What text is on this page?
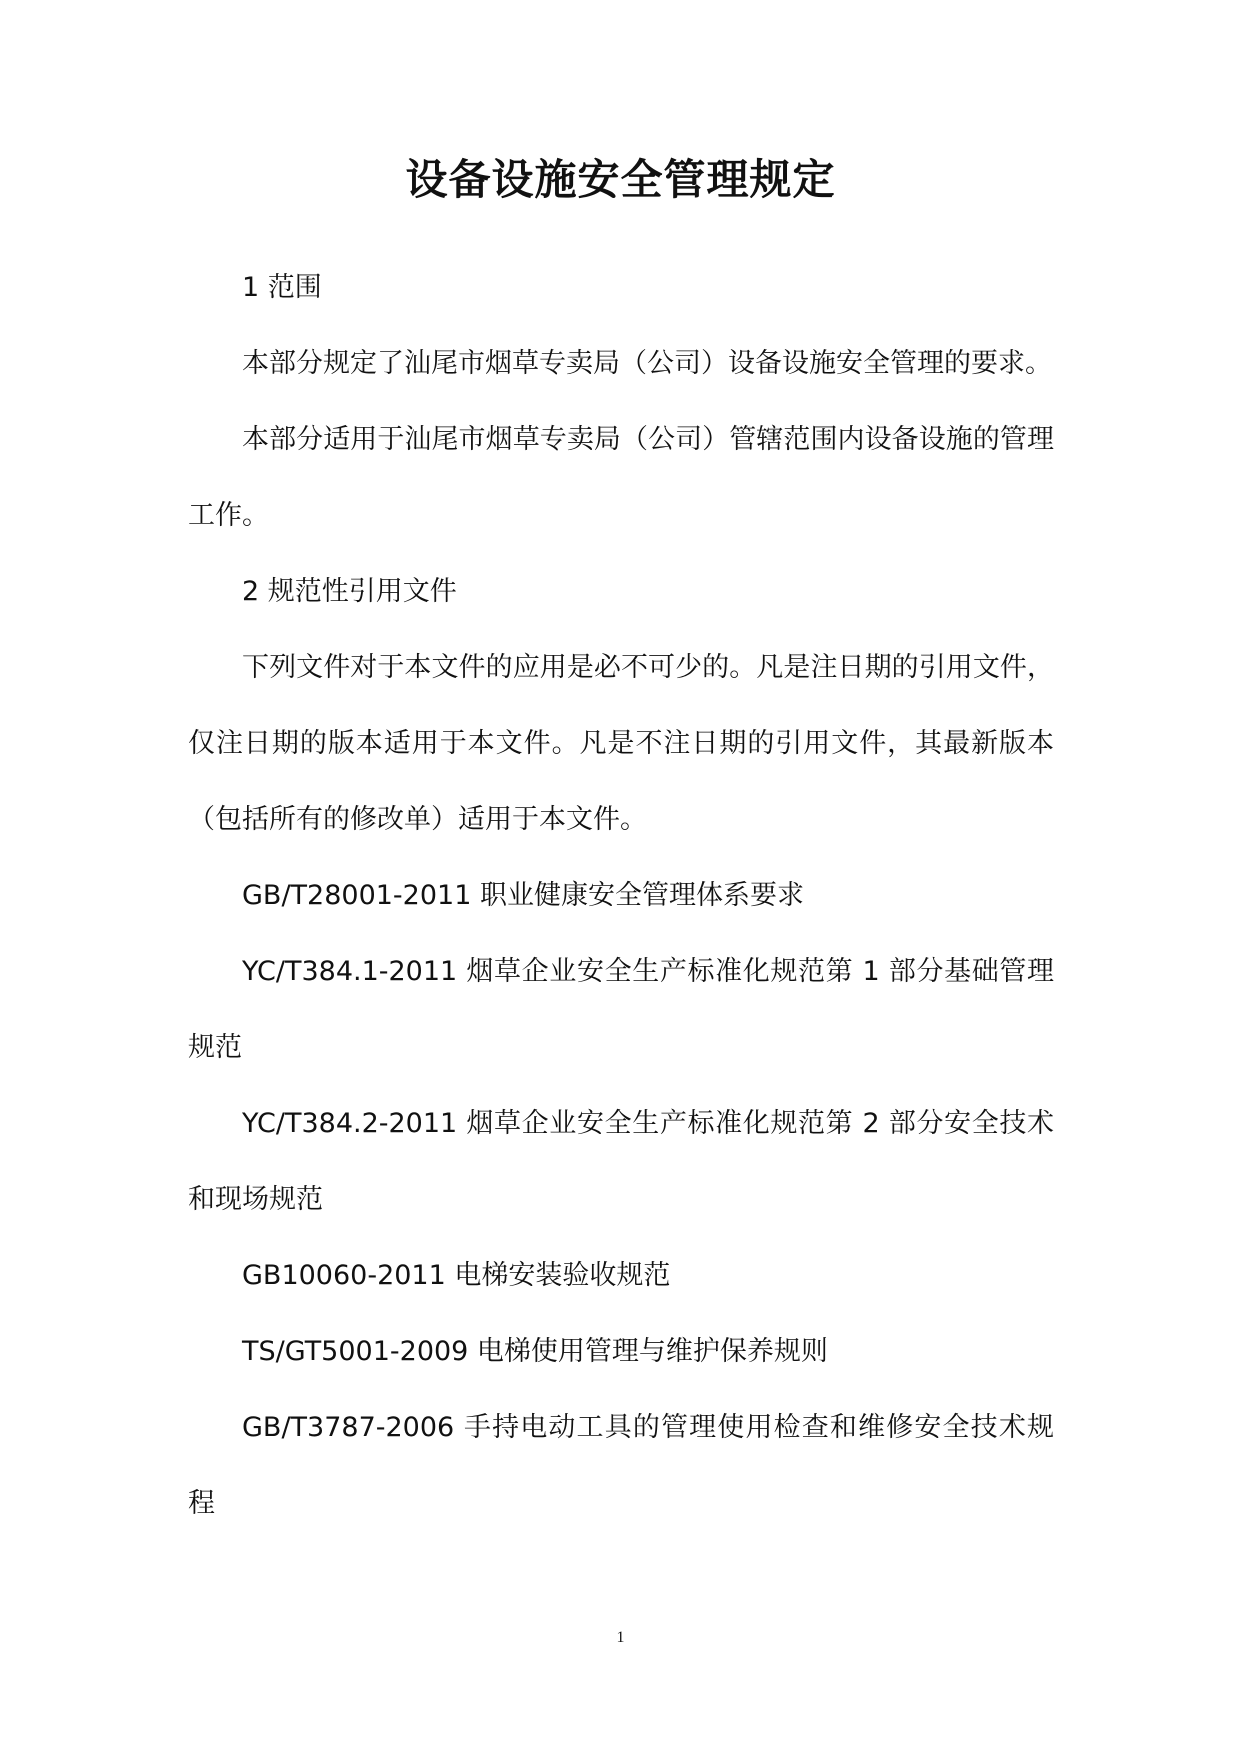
设备设施安全管理规定

1 范围

本部分规定了汕尾市烟草专卖局（公司）设备设施安全管理的要求。

本部分适用于汕尾市烟草专卖局（公司）管辖范围内设备设施的管理工作。

2 规范性引用文件

下列文件对于本文件的应用是必不可少的。凡是注日期的引用文件，仅注日期的版本适用于本文件。凡是不注日期的引用文件，其最新版本（包括所有的修改单）适用于本文件。

GB/T28001-2011 职业健康安全管理体系要求

YC/T384.1-2011 烟草企业安全生产标准化规范第 1 部分基础管理规范

YC/T384.2-2011 烟草企业安全生产标准化规范第 2 部分安全技术和现场规范

GB10060-2011 电梯安装验收规范

TS/GT5001-2009 电梯使用管理与维护保养规则

GB/T3787-2006 手持电动工具的管理使用检查和维修安全技术规程

1
